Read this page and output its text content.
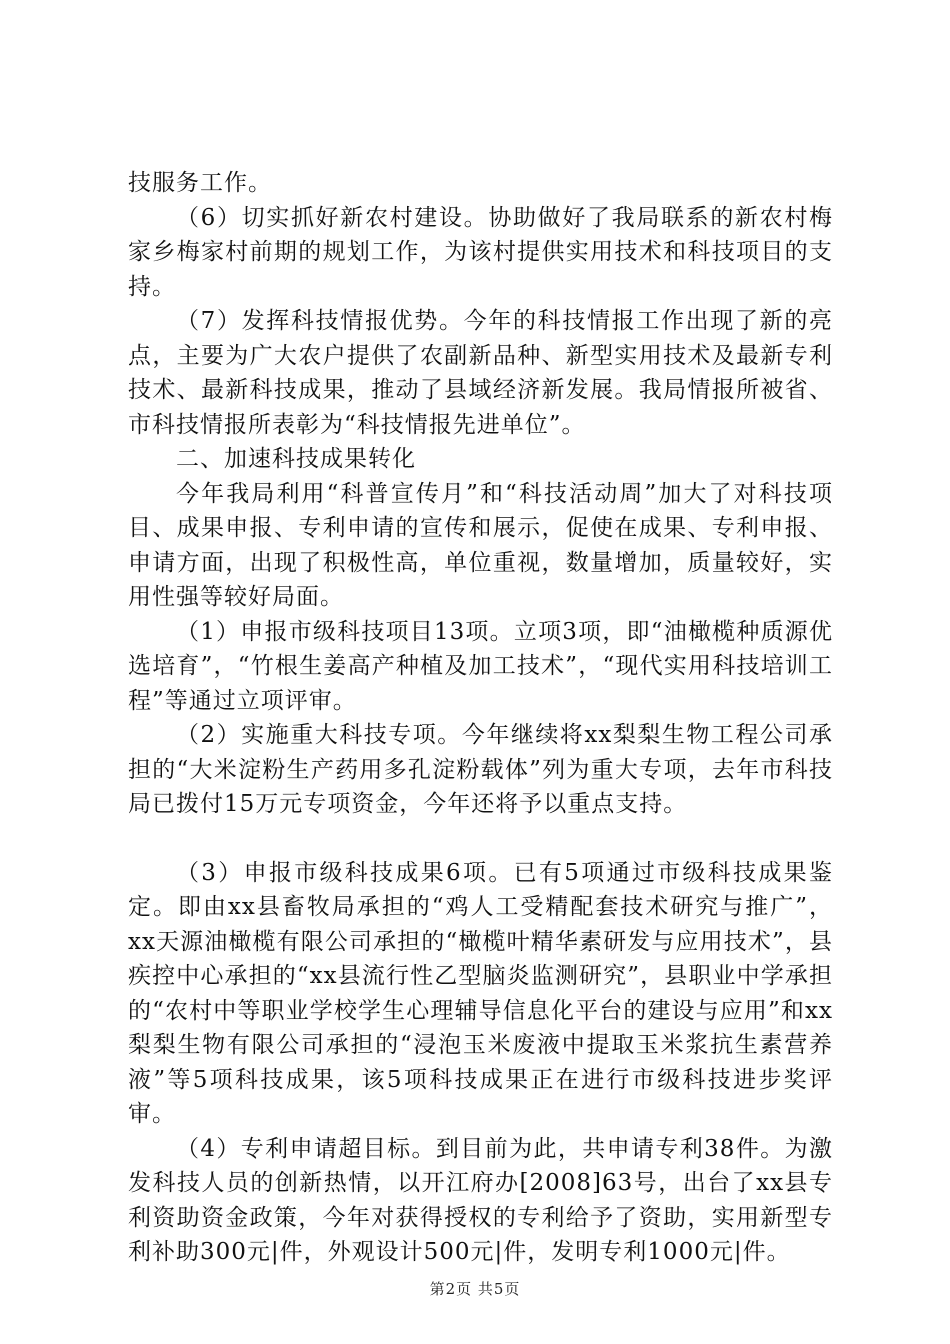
技服务工作。

（6）切实抓好新农村建设。协助做好了我局联系的新农村梅家乡梅家村前期的规划工作，为该村提供实用技术和科技项目的支持。

（7）发挥科技情报优势。今年的科技情报工作出现了新的亮点，主要为广大农户提供了农副新品种、新型实用技术及最新专利技术、最新科技成果，推动了县域经济新发展。我局情报所被省、市科技情报所表彰为“科技情报先进单位”。

二、加速科技成果转化

今年我局利用“科普宣传月”和“科技活动周”加大了对科技项目、成果申报、专利申请的宣传和展示，促使在成果、专利申报、申请方面，出现了积极性高，单位重视，数量增加，质量较好，实用性强等较好局面。

（1）申报市级科技项目13项。立项3项，即“油橄榄种质源优选培育”，“竹根生姜高产种植及加工技术”，“现代实用科技培训工程”等通过立项评审。

（2）实施重大科技专项。今年继续将xx梨梨生物工程公司承担的“大米淀粉生产药用多孔淀粉载体”列为重大专项，去年市科技局已拨付15万元专项资金，今年还将予以重点支持。

（3）申报市级科技成果6项。已有5项通过市级科技成果鉴定。即由xx县畜牧局承担的“鸡人工受精配套技术研究与推广”，xx天源油橄榄有限公司承担的“橄榄叶精华素研发与应用技术”，县疾控中心承担的“xx县流行性乙型脑炎监测研究”，县职业中学承担的“农村中等职业学校学生心理辅导信息化平台的建设与应用”和xx梨梨生物有限公司承担的“浸泡玉米废液中提取玉米浆抗生素营养液”等5项科技成果，该5项科技成果正在进行市级科技进步奖评审。

（4）专利申请超目标。到目前为此，共申请专利38件。为激发科技人员的创新热情，以开江府办[2008]63号，出台了xx县专利资助资金政策，今年对获得授权的专利给予了资助，实用新型专利补助300元|件，外观设计500元|件，发明专利1000元|件。

第2页 共5页
